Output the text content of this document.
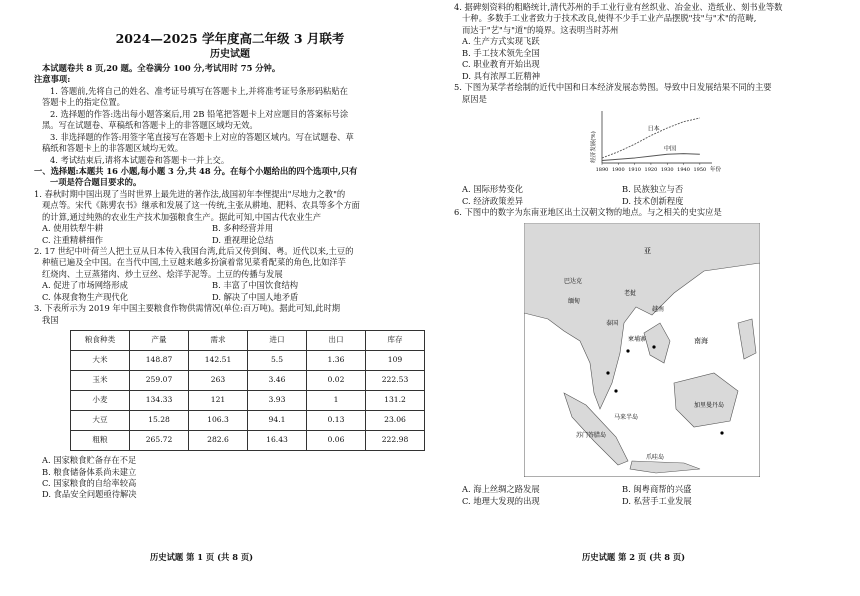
2024—2025 学年度高二年级 3 月联考
历史试题
本试题卷共 8 页,20 题。全卷满分 100 分,考试用时 75 分钟。
注意事项:
1. 答题前,先将自己的姓名、准考证号填写在答题卡上,并将准考证号条形码粘贴在
答题卡上的指定位置。
2. 选择题的作答:选出每小题答案后,用 2B 铅笔把答题卡上对应题目的答案标号涂
黑。写在试题卷、草稿纸和答题卡上的非答题区域均无效。
3. 非选择题的作答:用签字笔直接写在答题卡上对应的答题区域内。写在试题卷、草
稿纸和答题卡上的非答题区域均无效。
4. 考试结束后,请将本试题卷和答题卡一并上交。
一、选择题:本题共 16 小题,每小题 3 分,共 48 分。在每个小题给出的四个选项中,只有
一项是符合题目要求的。
1. 春秋时期中国出现了当时世界上最先进的著作法,战国初年李悝提出"尽地力之教"的
观点等。宋代《陈旉农书》继承和发展了这一传统,主张从耕地、肥料、农具等多个方面
的计算,通过纯熟的农业生产技术加强粮食生产。据此可知,中国古代农业生产
A. 使用铁犁牛耕	B. 多种经营并用
C. 注重精耕细作	D. 重视理论总结
2. 17 世纪中叶荷兰人把土豆从日本传入我国台湾,此后又传到闽、粤。近代以来,土豆的
种植已遍及全中国。在当代中国,土豆越来越多扮演着常见菜肴配菜的角色,比如洋芋
红烧肉、土豆蒸猪肉、炒土豆丝、烩洋芋泥等。土豆的传播与发展
A. 促进了市场网络形成	B. 丰富了中国饮食结构
C. 体现食物生产现代化	D. 解决了中国人地矛盾
3. 下表所示为 2019 年中国主要粮食作物供需情况(单位:百万吨)。据此可知,此时期
我国
粮食种类	产量	需求	进口	出口	库存
大米	148.87	142.51	5.5	1.36	109
玉米	259.07	263	3.46	0.02	222.53
小麦	134.33	121	3.93	1	131.2
大豆	15.28	106.3	94.1	0.13	23.06
粗粮	265.72	282.6	16.43	0.06	222.98
A. 国家粮食贮备存在不足
B. 粮食储备体系尚未建立
C. 国家粮食的自给率较高
D. 食品安全问题亟待解决
4. 据碑刻资料的粗略统计,清代苏州的手工业行业有丝织业、冶金业、造纸业、刻书业等数
十种。多数手工业者致力于技术改良,使得不少手工业产品摆脱"技"与"术"的范畴,
而达于"艺"与"道"的境界。这表明当时苏州
A. 生产方式实现飞跃
B. 手工技术领先全国
C. 职业教育开始出现
D. 具有浓厚工匠精神
5. 下图为某学者绘制的近代中国和日本经济发展态势图。导致中日发展结果不同的主要
原因是
1890 1900 1910 1920 1930 1940 1950
经济发展(%)
日本
中国
年份
A. 国际形势变化	B. 民族独立与否
C. 经济政策差异	D. 技术创新程度
6. 下图中的数字为东南亚地区出土汉朝文物的地点。与之相关的史实应是
巴达克
亚
泰国
老挝
越南
缅甸
柬埔寨
加里曼丹岛
马来半岛
苏门答腊岛
爪哇岛
南海
A. 海上丝绸之路发展	B. 闽粤商帮的兴盛
C. 地理大发现的出现	D. 私营手工业发展
历史试题 第 1 页 (共 8 页)	历史试题 第 2 页 (共 8 页)
